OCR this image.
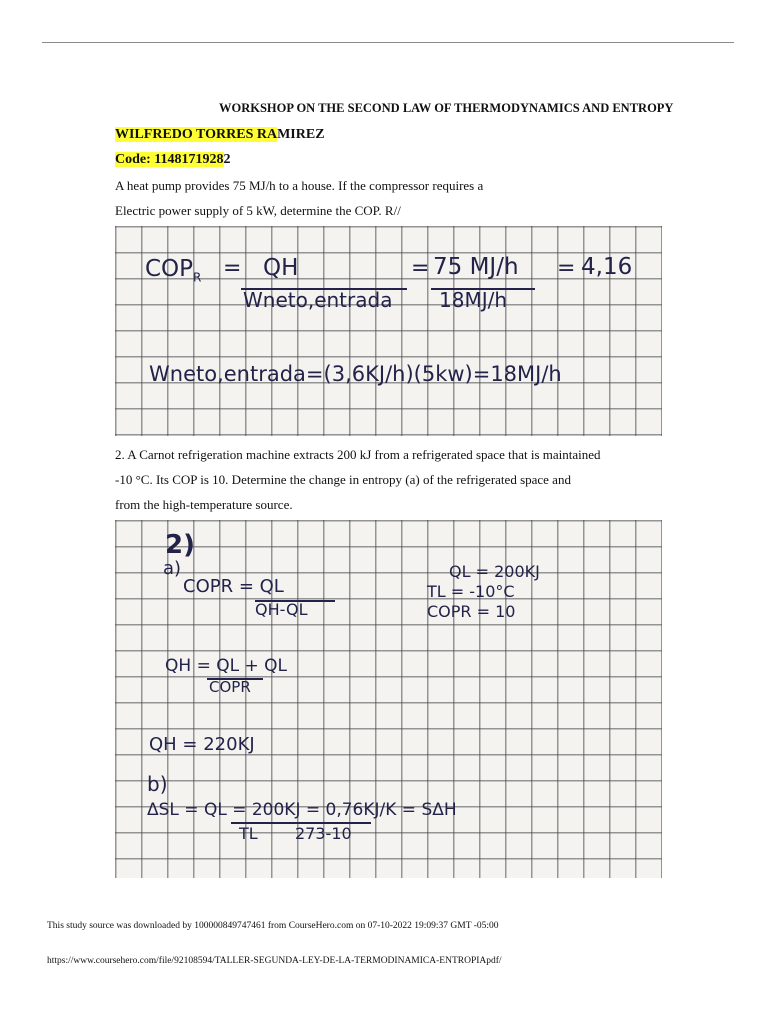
WORKSHOP ON THE SECOND LAW OF THERMODYNAMICS AND ENTROPY
WILFREDO TORRES RAMIREZ
Code: 11481719282
A heat pump provides 75 MJ/h to a house. If the compressor requires a
Electric power supply of 5 kW, determine the COP. R//
$COP_R$ = QH	= 75 MJ/h = 4,16
Wneto,entrada 18MJ/h
Wneto,entrada=(3,6KJ/h)(5kw)=18MJ/h
2. A Carnot refrigeration machine extracts 200 kJ from a refrigerated space that is maintained
-10 °C. Its COP is 10. Determine the change in entropy (a) of the refrigerated space and
from the high-temperature source.
2)
a)
COPR = QL
QH-QL
QL = 200KJ
TL = -10°C
COPR = 10
QH = QL + QL
COPR
QH = 220KJ
b)
ΔSL = QL = 200KJ = 0,76KJ/K = SΔH
TL 273-10
This study source was downloaded by 100000849747461 from CourseHero.com on 07-10-2022 19:09:37 GMT -05:00
https://www.coursehero.com/file/92108594/TALLER-SEGUNDA-LEY-DE-LA-TERMODINAMICA-ENTROPIApdf/
